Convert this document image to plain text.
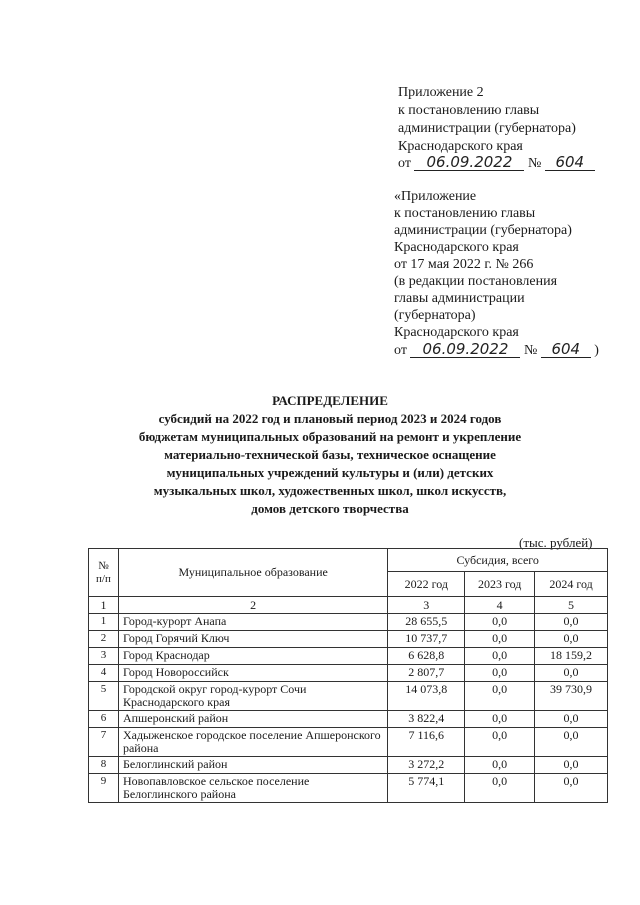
Приложение 2
к постановлению главы
администрации (губернатора)
Краснодарского края
от 06.09.2022 № 604
«Приложение
к постановлению главы
администрации (губернатора)
Краснодарского края
от 17 мая 2022 г. № 266
(в редакции постановления
главы администрации
(губернатора)
Краснодарского края
от 06.09.2022 № 604 )
РАСПРЕДЕЛЕНИЕ
субсидий на 2022 год и плановый период 2023 и 2024 годов
бюджетам муниципальных образований на ремонт и укрепление
материально-технической базы, техническое оснащение
муниципальных учреждений культуры и (или) детских
музыкальных школ, художественных школ, школ искусств,
домов детского творчества
(тыс. рублей)
№ п/п	Муниципальное образование	Субсидия, всего		
		2022 год	2023 год	2024 год
1	2	3	4	5
1	Город-курорт Анапа	28 655,5	0,0	0,0
2	Город Горячий Ключ	10 737,7	0,0	0,0
3	Город Краснодар	6 628,8	0,0	18 159,2
4	Город Новороссийск	2 807,7	0,0	0,0
5	Городской округ город-курорт Сочи Краснодарского края	14 073,8	0,0	39 730,9
6	Апшеронский район	3 822,4	0,0	0,0
7	Хадыженское городское поселение Апшеронского района	7 116,6	0,0	0,0
8	Белоглинский район	3 272,2	0,0	0,0
9	Новопавловское сельское поселение Белоглинского района	5 774,1	0,0	0,0
